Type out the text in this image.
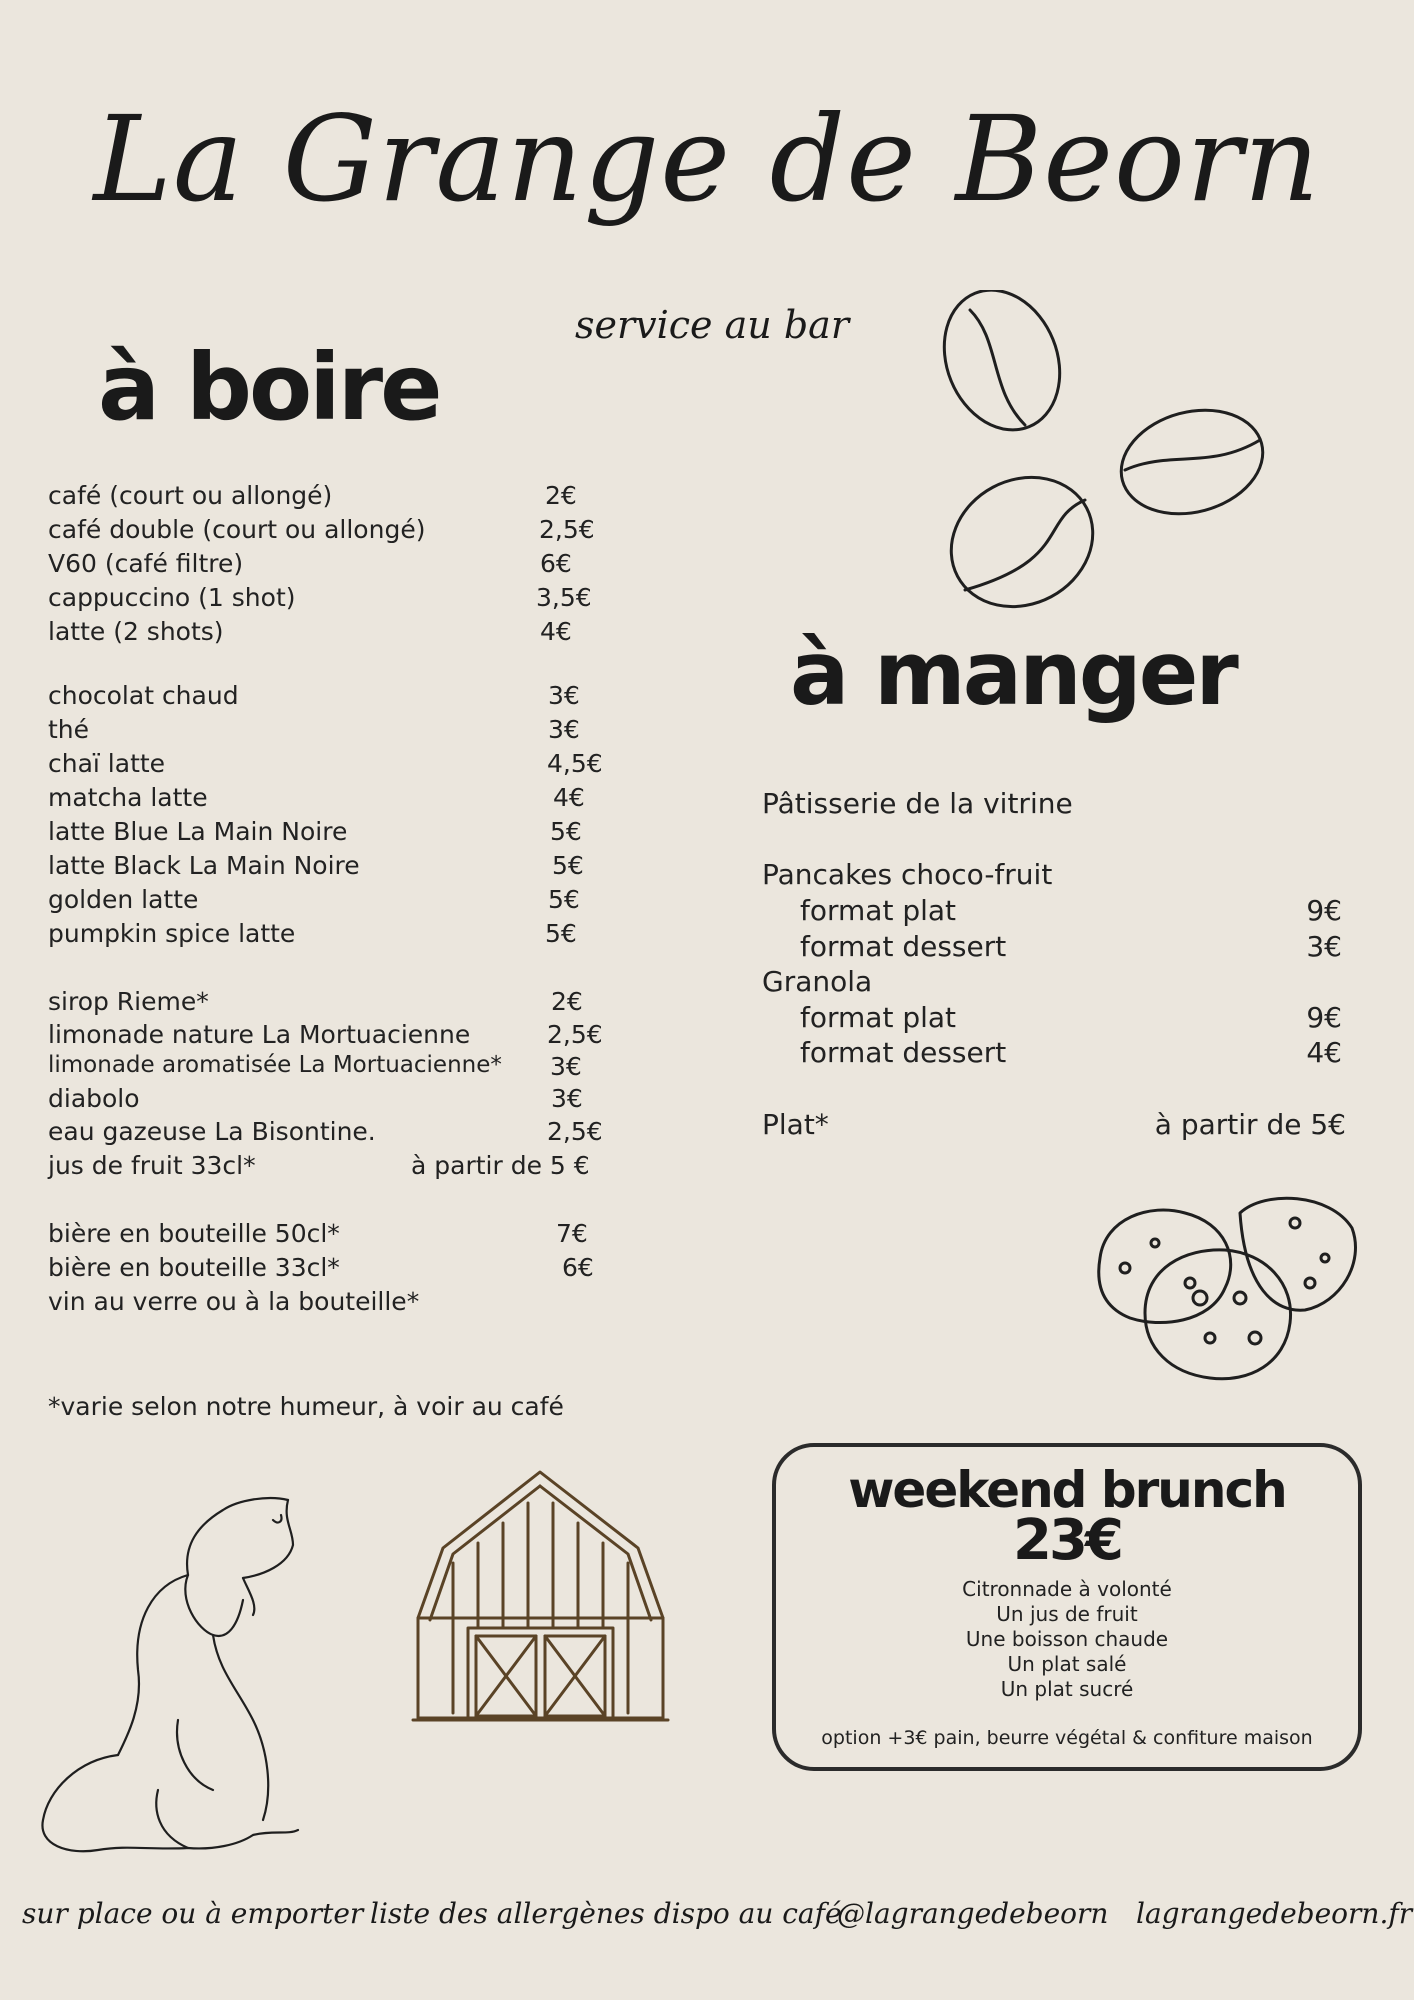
La Grange de Beorn
service au bar
à boire
café (court ou allongé)	2€
café double (court ou allongé)	2,5€
V60 (café filtre)	6€
cappuccino (1 shot)	3,5€
latte (2 shots)	4€
chocolat chaud	3€
thé	3€
chaï latte	4,5€
matcha latte	4€
latte Blue La Main Noire	5€
latte Black La Main Noire	5€
golden latte	5€
pumpkin spice latte	5€
sirop Rieme*	2€
limonade nature La Mortuacienne	2,5€
limonade aromatisée La Mortuacienne* 3€
diabolo	3€
eau gazeuse La Bisontine.	2,5€
jus de fruit 33cl*	à partir de 5 €
bière en bouteille 50cl*	7€
bière en bouteille 33cl*	6€
vin au verre ou à la bouteille*
*varie selon notre humeur, à voir au café
à manger
Pâtisserie de la vitrine
Pancakes choco-fruit
format plat	9€
format dessert	3€
Granola
format plat	9€
format dessert	4€
Plat*	à partir de 5€
weekend brunch
23€
Citronnade à volonté
Un jus de fruit
Une boisson chaude
Un plat salé
Un plat sucré
option +3€ pain, beurre végétal & confiture maison
sur place ou à emporter liste des allergènes dispo au café
@lagrangedebeorn lagrangedebeorn.fr
